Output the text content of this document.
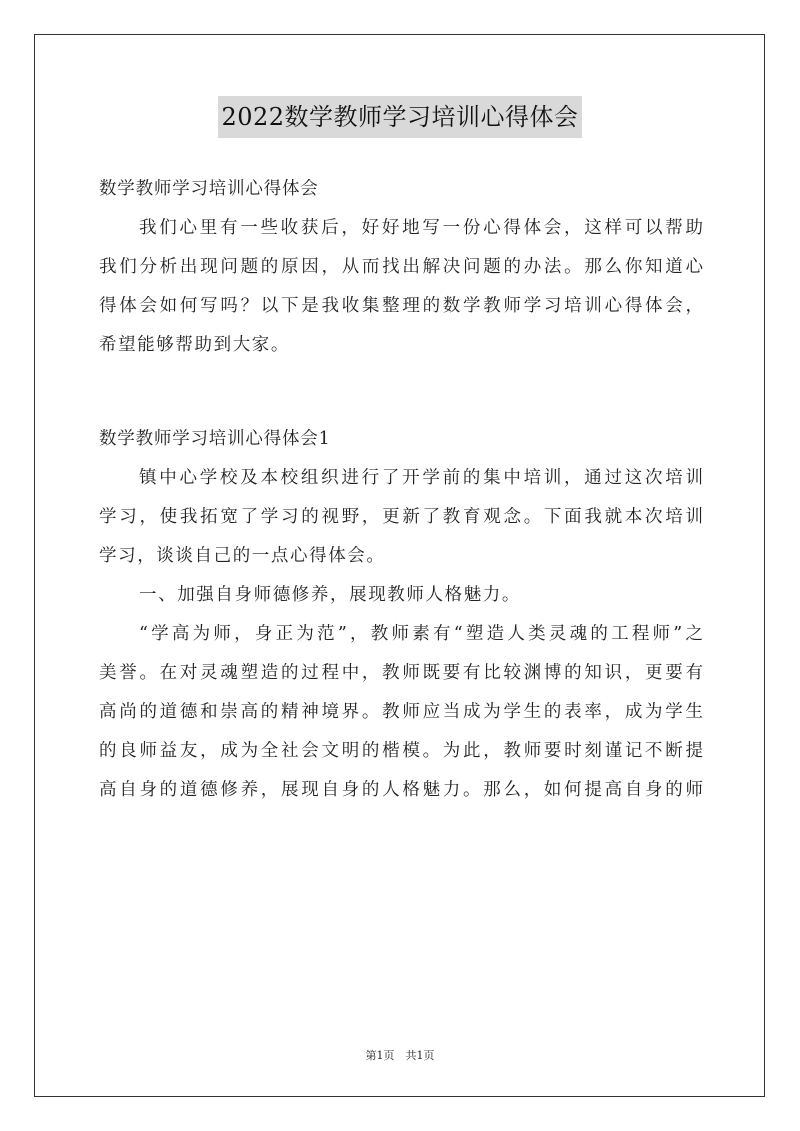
2022数学教师学习培训心得体会
数学教师学习培训心得体会
我们心里有一些收获后，好好地写一份心得体会，这样可以帮助
我们分析出现问题的原因，从而找出解决问题的办法。那么你知道心
得体会如何写吗？以下是我收集整理的数学教师学习培训心得体会，
希望能够帮助到大家。
数学教师学习培训心得体会1
镇中心学校及本校组织进行了开学前的集中培训，通过这次培训
学习，使我拓宽了学习的视野，更新了教育观念。下面我就本次培训
学习，谈谈自己的一点心得体会。
一、加强自身师德修养，展现教师人格魅力。
“学高为师，身正为范”，教师素有“塑造人类灵魂的工程师”之
美誉。在对灵魂塑造的过程中，教师既要有比较渊博的知识，更要有
高尚的道德和崇高的精神境界。教师应当成为学生的表率，成为学生
的良师益友，成为全社会文明的楷模。为此，教师要时刻谨记不断提
高自身的道德修养，展现自身的人格魅力。那么，如何提高自身的师
第1页　共1页
